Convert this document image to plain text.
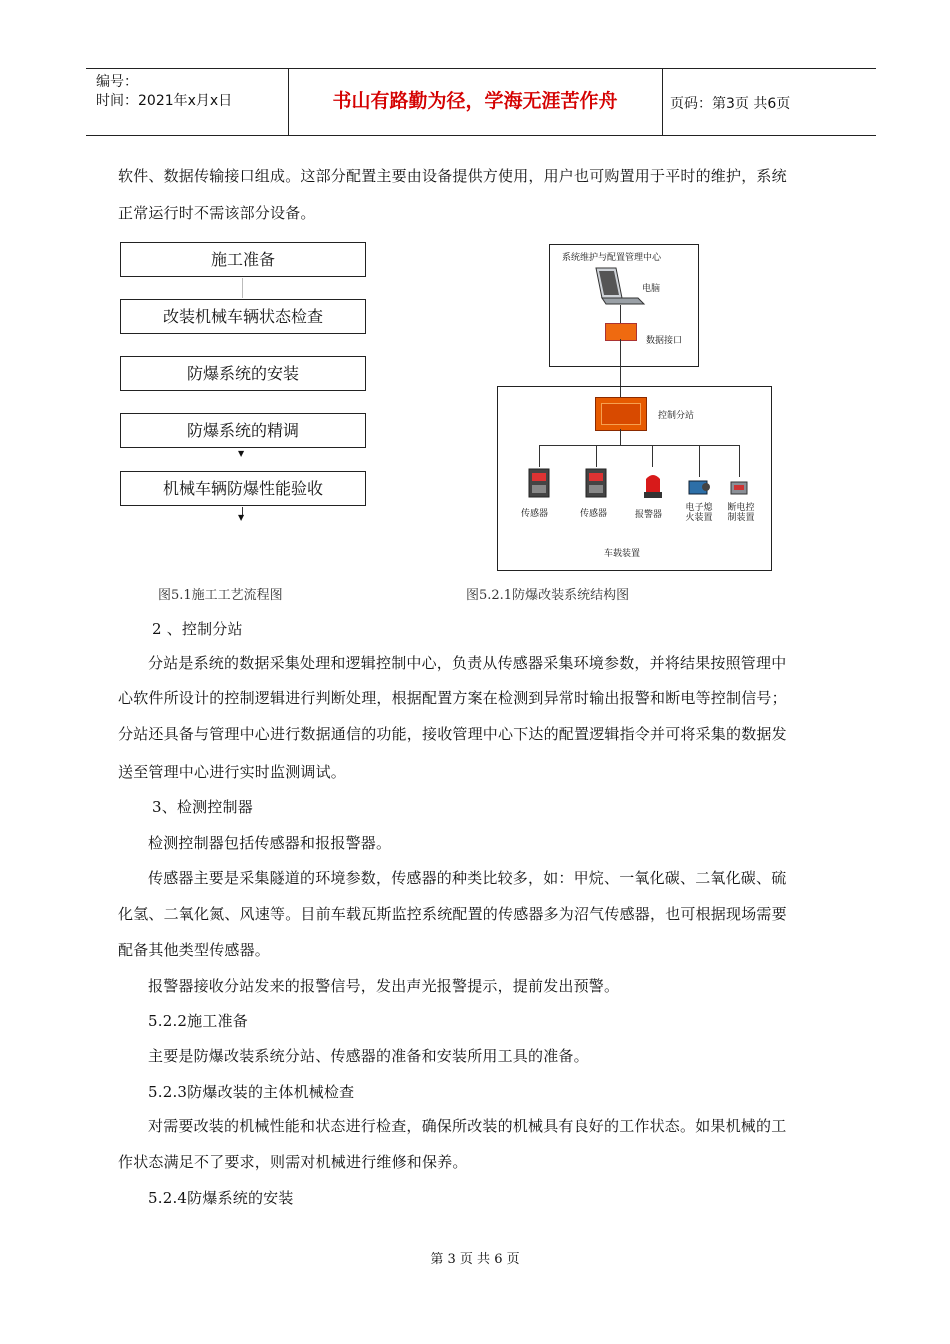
编号：
时间：2021年x月x日	书山有路勤为径，学海无涯苦作舟	页码：第3页 共6页
软件、数据传输接口组成。这部分配置主要由设备提供方使用，用户也可购置用于平时的维护，系统
正常运行时不需该部分设备。
施工准备
改装机械车辆状态检查
防爆系统的安装
防爆系统的精调
▼
机械车辆防爆性能验收
▼
图5.1施工工艺流程图
系统维护与配置管理中心
电脑
数据接口
控制分站
传感器	传感器	报警器
电子熄火装置
断电控制装置
车载装置
图5.2.1防爆改装系统结构图
2 、控制分站
分站是系统的数据采集处理和逻辑控制中心，负责从传感器采集环境参数，并将结果按照管理中
心软件所设计的控制逻辑进行判断处理，根据配置方案在检测到异常时输出报警和断电等控制信号；
分站还具备与管理中心进行数据通信的功能，接收管理中心下达的配置逻辑指令并可将采集的数据发
送至管理中心进行实时监测调试。
3、检测控制器
检测控制器包括传感器和报报警器。
传感器主要是采集隧道的环境参数，传感器的种类比较多，如：甲烷、一氧化碳、二氧化碳、硫
化氢、二氧化氮、风速等。目前车载瓦斯监控系统配置的传感器多为沼气传感器，也可根据现场需要
配备其他类型传感器。
报警器接收分站发来的报警信号，发出声光报警提示，提前发出预警。
5.2.2施工准备
主要是防爆改装系统分站、传感器的准备和安装所用工具的准备。
5.2.3防爆改装的主体机械检查
对需要改装的机械性能和状态进行检查，确保所改装的机械具有良好的工作状态。如果机械的工
作状态满足不了要求，则需对机械进行维修和保养。
5.2.4防爆系统的安装
第 3 页 共 6 页
